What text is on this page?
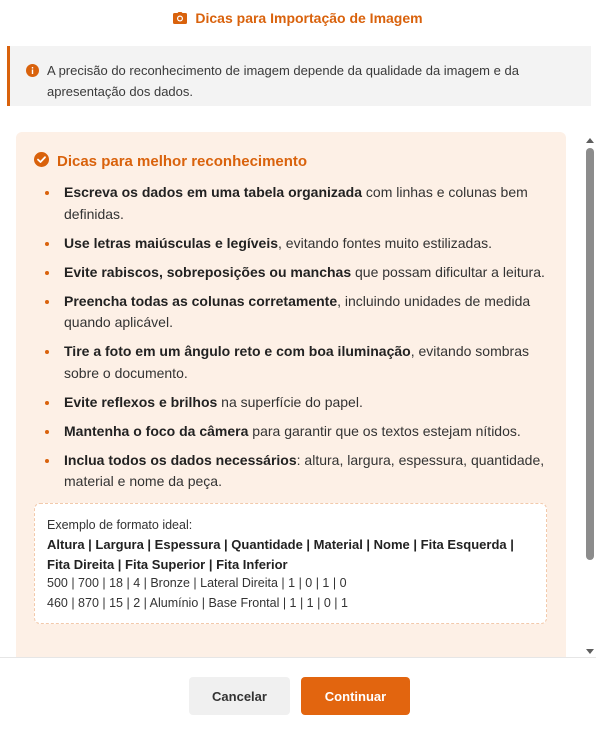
Dicas para Importação de Imagem
A precisão do reconhecimento de imagem depende da qualidade da imagem e da apresentação dos dados.
Dicas para melhor reconhecimento
Escreva os dados em uma tabela organizada com linhas e colunas bem definidas.
Use letras maiúsculas e legíveis, evitando fontes muito estilizadas.
Evite rabiscos, sobreposições ou manchas que possam dificultar a leitura.
Preencha todas as colunas corretamente, incluindo unidades de medida quando aplicável.
Tire a foto em um ângulo reto e com boa iluminação, evitando sombras sobre o documento.
Evite reflexos e brilhos na superfície do papel.
Mantenha o foco da câmera para garantir que os textos estejam nítidos.
Inclua todos os dados necessários: altura, largura, espessura, quantidade, material e nome da peça.
Exemplo de formato ideal:
Altura | Largura | Espessura | Quantidade | Material | Nome | Fita Esquerda | Fita Direita | Fita Superior | Fita Inferior
500 | 700 | 18 | 4 | Bronze | Lateral Direita | 1 | 0 | 1 | 0
460 | 870 | 15 | 2 | Alumínio | Base Frontal | 1 | 1 | 0 | 1
Cancelar	Continuar
